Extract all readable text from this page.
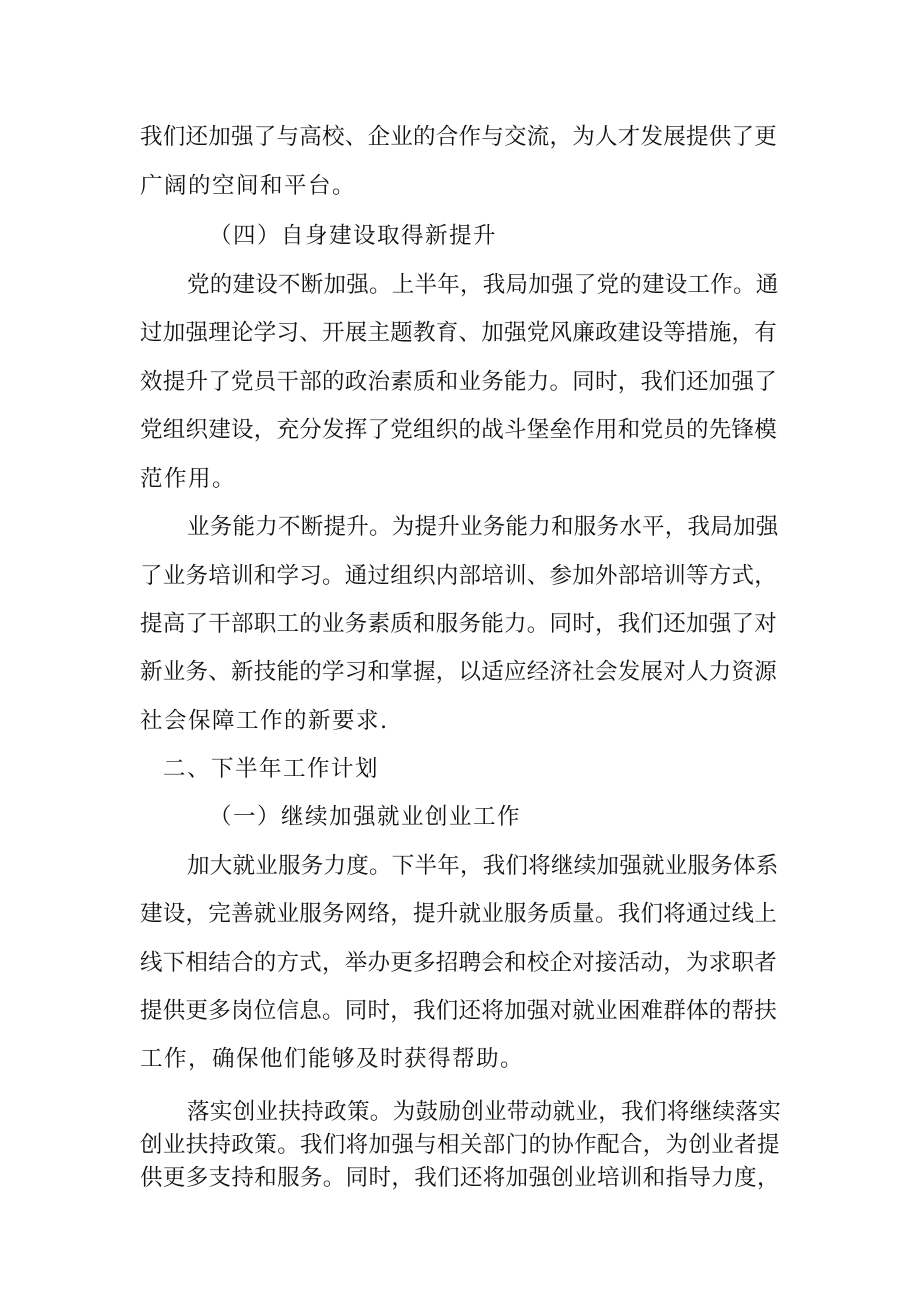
我们还加强了与高校、企业的合作与交流，为人才发展提供了更
广阔的空间和平台。
（四）自身建设取得新提升
党的建设不断加强。上半年，我局加强了党的建设工作。通
过加强理论学习、开展主题教育、加强党风廉政建设等措施，有
效提升了党员干部的政治素质和业务能力。同时，我们还加强了
党组织建设，充分发挥了党组织的战斗堡垒作用和党员的先锋模
范作用。
业务能力不断提升。为提升业务能力和服务水平，我局加强
了业务培训和学习。通过组织内部培训、参加外部培训等方式，
提高了干部职工的业务素质和服务能力。同时，我们还加强了对
新业务、新技能的学习和掌握，以适应经济社会发展对人力资源
社会保障工作的新要求.
二、下半年工作计划
（一）继续加强就业创业工作
加大就业服务力度。下半年，我们将继续加强就业服务体系
建设，完善就业服务网络，提升就业服务质量。我们将通过线上
线下相结合的方式，举办更多招聘会和校企对接活动，为求职者
提供更多岗位信息。同时，我们还将加强对就业困难群体的帮扶
工作，确保他们能够及时获得帮助。
落实创业扶持政策。为鼓励创业带动就业，我们将继续落实
创业扶持政策。我们将加强与相关部门的协作配合，为创业者提
供更多支持和服务。同时，我们还将加强创业培训和指导力度，
